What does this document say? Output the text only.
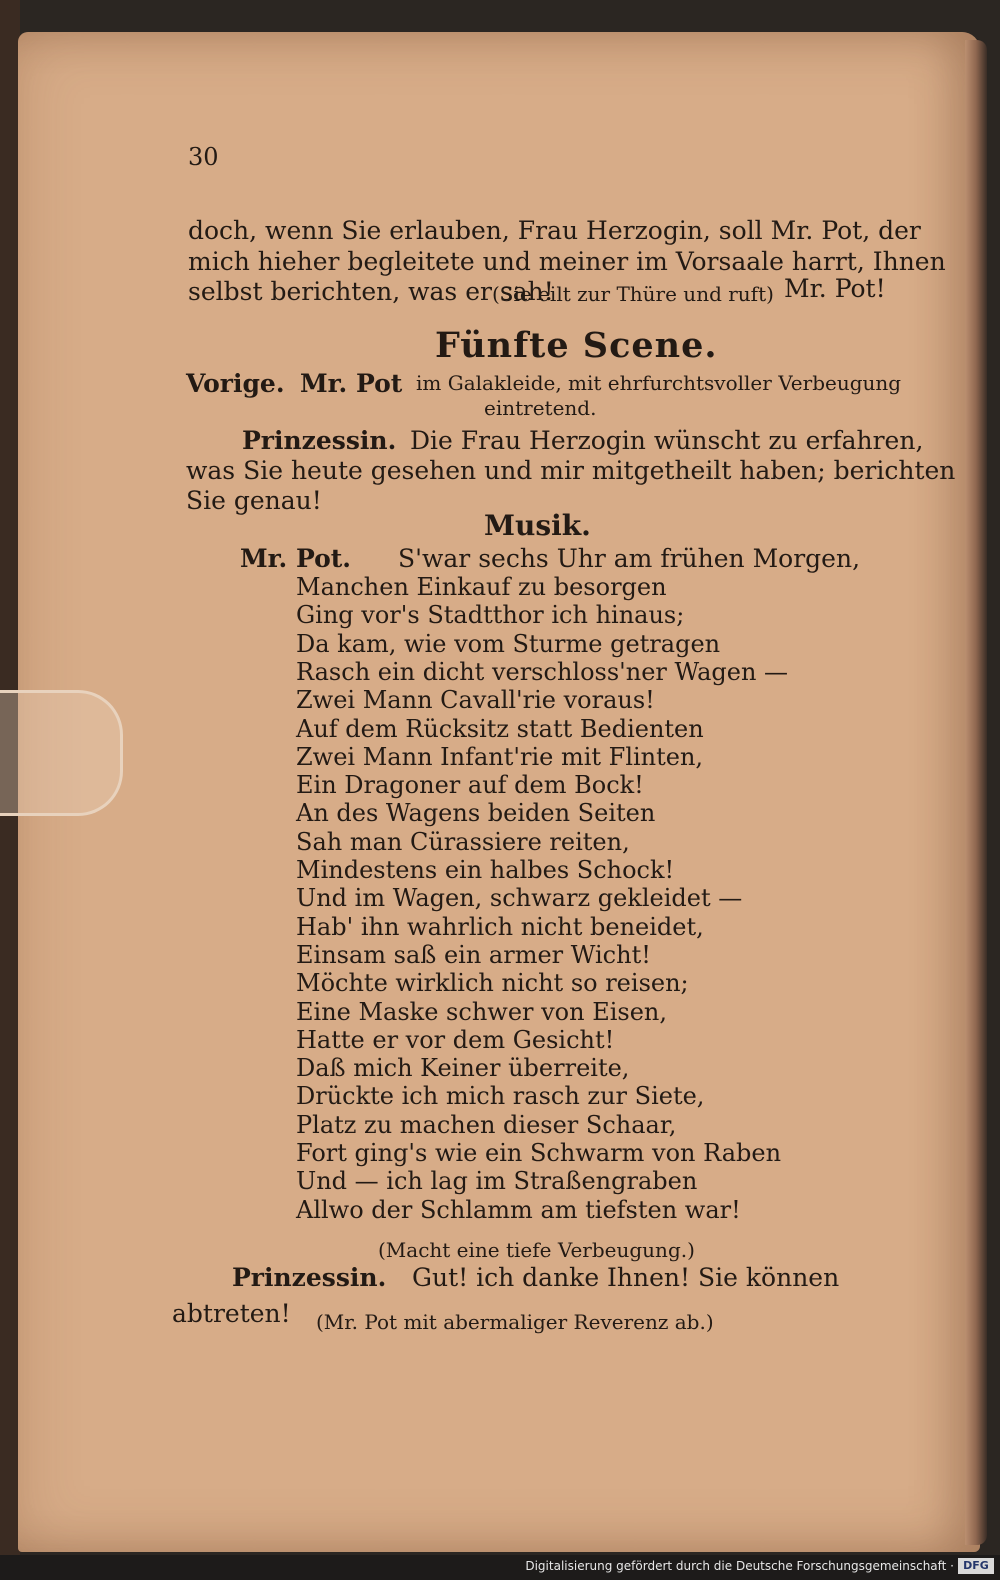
30
doch, wenn Sie erlauben, Frau Herzogin, soll Mr. Pot, der
mich hieher begleitete und meiner im Vorsaale harrt, Ihnen
selbst berichten, was er sah!
(Sie eilt zur Thüre und ruft) Mr. Pot!
Fünfte Scene.
Vorige. Mr. Pot im Galakleide, mit ehrfurchtsvoller Verbeugung
eintretend.
Prinzessin. Die Frau Herzogin wünscht zu erfahren,
was Sie heute gesehen und mir mitgetheilt haben; berichten
Sie genau!
Musik.
Mr. Pot. S'war sechs Uhr am frühen Morgen,
Manchen Einkauf zu besorgen
Ging vor's Stadtthor ich hinaus;
Da kam, wie vom Sturme getragen
Rasch ein dicht verschloss'ner Wagen —
Zwei Mann Cavall'rie voraus!
Auf dem Rücksitz statt Bedienten
Zwei Mann Infant'rie mit Flinten,
Ein Dragoner auf dem Bock!
An des Wagens beiden Seiten
Sah man Cürassiere reiten,
Mindestens ein halbes Schock!
Und im Wagen, schwarz gekleidet —
Hab' ihn wahrlich nicht beneidet,
Einsam saß ein armer Wicht!
Möchte wirklich nicht so reisen;
Eine Maske schwer von Eisen,
Hatte er vor dem Gesicht!
Daß mich Keiner überreite,
Drückte ich mich rasch zur Siete,
Platz zu machen dieser Schaar,
Fort ging's wie ein Schwarm von Raben
Und — ich lag im Straßengraben
Allwo der Schlamm am tiefsten war!
(Macht eine tiefe Verbeugung.)
Prinzessin. Gut! ich danke Ihnen! Sie können
abtreten! (Mr. Pot mit abermaliger Reverenz ab.)
Digitalisierung gefördert durch die Deutsche Forschungsgemeinschaft · DFG
